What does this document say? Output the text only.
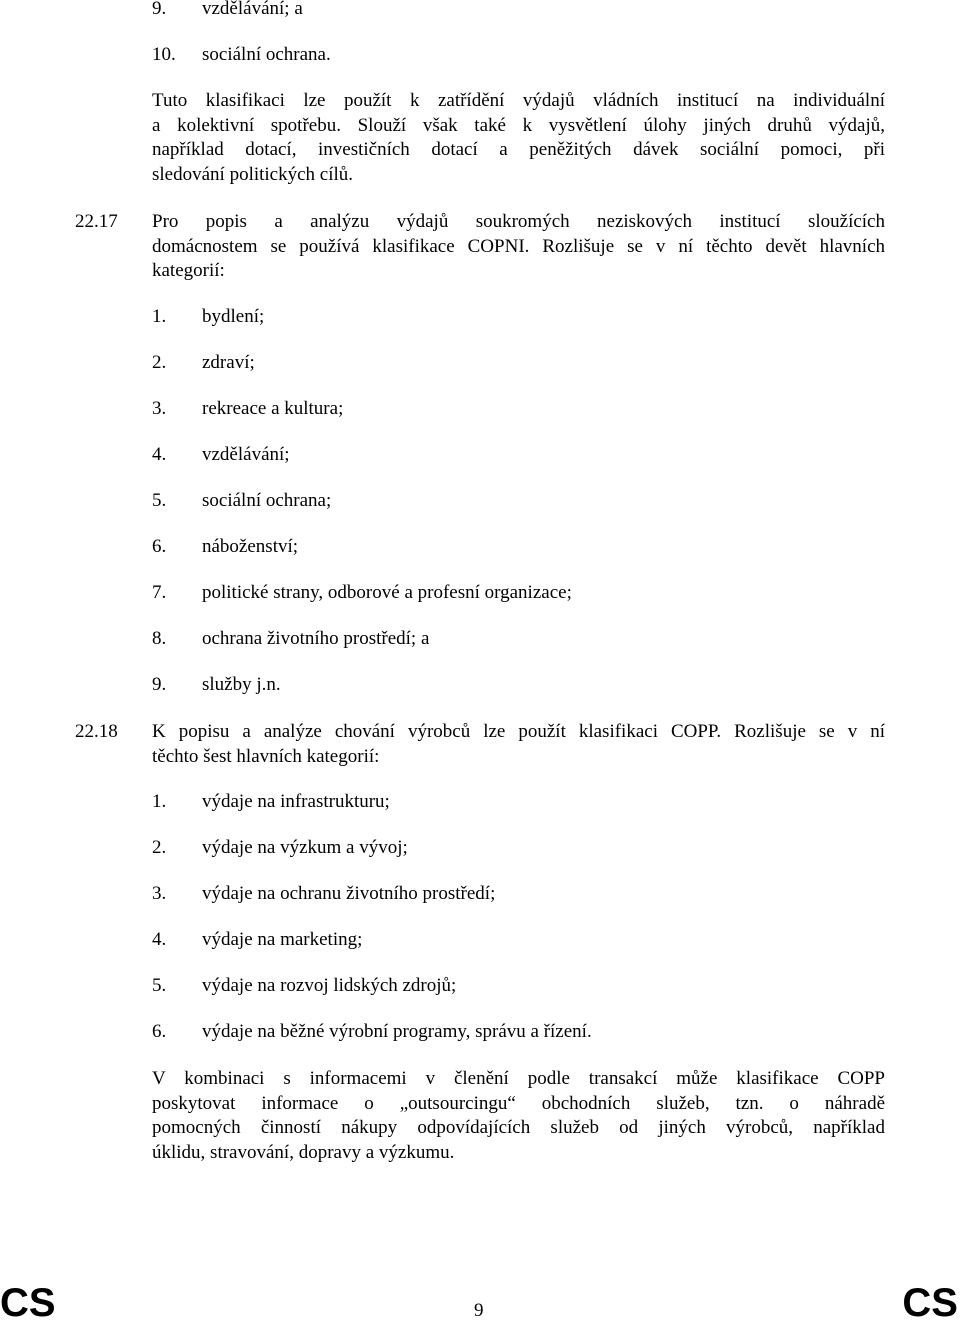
9. vzdělávání; a
10. sociální ochrana.
Tuto klasifikaci lze použít k zatřídění výdajů vládních institucí na individuální
a kolektivní spotřebu. Slouží však také k vysvětlení úlohy jiných druhů výdajů,
například dotací, investičních dotací a peněžitých dávek sociální pomoci, při
sledování politických cílů.
22.17 Pro popis a analýzu výdajů soukromých neziskových institucí sloužících
domácnostem se používá klasifikace COPNI. Rozlišuje se v ní těchto devět hlavních
kategorií:
1. bydlení;
2. zdraví;
3. rekreace a kultura;
4. vzdělávání;
5. sociální ochrana;
6. náboženství;
7. politické strany, odborové a profesní organizace;
8. ochrana životního prostředí; a
9. služby j.n.
22.18 K popisu a analýze chování výrobců lze použít klasifikaci COPP. Rozlišuje se v ní
těchto šest hlavních kategorií:
1. výdaje na infrastrukturu;
2. výdaje na výzkum a vývoj;
3. výdaje na ochranu životního prostředí;
4. výdaje na marketing;
5. výdaje na rozvoj lidských zdrojů;
6. výdaje na běžné výrobní programy, správu a řízení.
V kombinaci s informacemi v členění podle transakcí může klasifikace COPP
poskytovat informace o „outsourcingu“ obchodních služeb, tzn. o náhradě
pomocných činností nákupy odpovídajících služeb od jiných výrobců, například
úklidu, stravování, dopravy a výzkumu.
CS	9	CS
